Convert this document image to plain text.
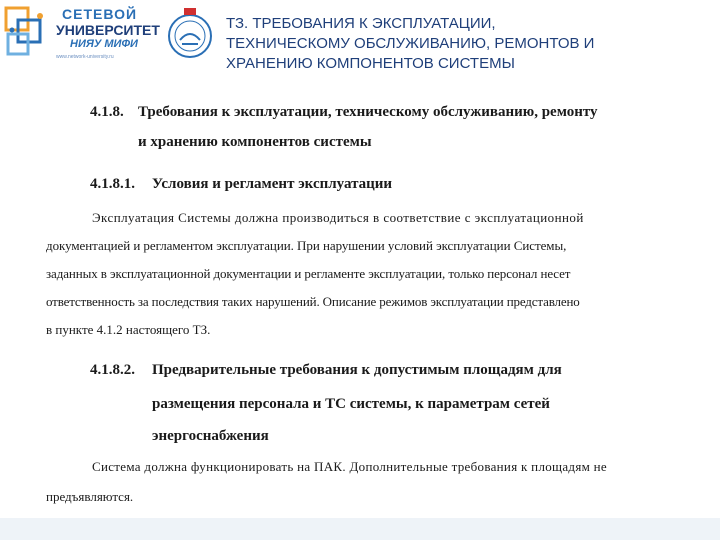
СЕТЕВОЙ
УНИВЕРСИТЕТ
НИЯУ МИФИ
www.network-university.ru
ТЗ. ТРЕБОВАНИЯ К ЭКСПЛУАТАЦИИ,
ТЕХНИЧЕСКОМУ ОБСЛУЖИВАНИЮ, РЕМОНТОВ И
ХРАНЕНИЮ КОМПОНЕНТОВ СИСТЕМЫ
4.1.8. Требования к эксплуатации, техническому обслуживанию, ремонту
и хранению компонентов системы
4.1.8.1. Условия и регламент эксплуатации
Эксплуатация Системы должна производиться в соответствие с эксплуатационной
документацией и регламентом эксплуатации. При нарушении условий эксплуатации Системы,
заданных в эксплуатационной документации и регламенте эксплуатации, только персонал несет
ответственность за последствия таких нарушений. Описание режимов эксплуатации представлено
в пункте 4.1.2 настоящего ТЗ.
4.1.8.2. Предварительные требования к допустимым площадям для
размещения персонала и ТС системы, к параметрам сетей
энергоснабжения
Система должна функционировать на ПАК. Дополнительные требования к площадям не
предъявляются.
